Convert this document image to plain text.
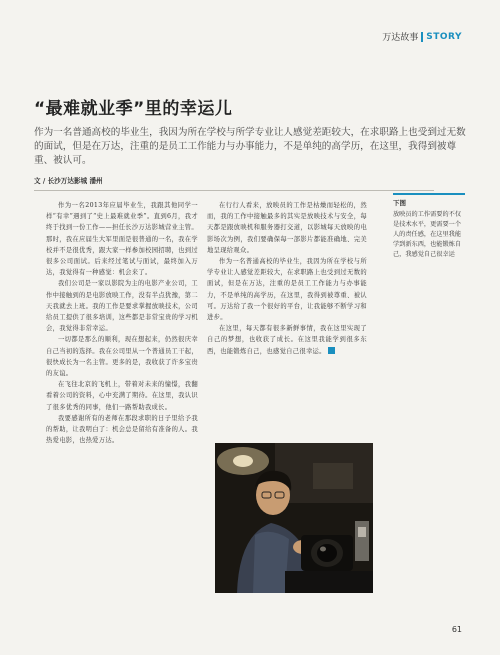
万达故事 STORY
“最难就业季”里的幸运儿
作为一名普通高校的毕业生，我因为所在学校与所学专业让人感觉差距较大，在求职路上也受到过无数的面试，但是在万达，注重的是员工工作能力与办事能力，不是单纯的高学历，在这里，我得到被尊重、被认可。
文 / 长沙万达影城 潘州

作为一名2013年应届毕业生，我跟其他同学一样“有幸”遇到了“史上最难就业季”。直到6月，我才终于找到一份工作——担任长沙万达影城营业主管。那时，我在应届生大军里面是很普通的一名，我在学校并不是很优秀，跟大家一样参加校园招聘，也到过很多公司面试。后来经过笔试与面试，最终加入万达，我觉得有一种感觉：机会来了。

我们公司是一家以影院为主的电影产业公司，工作中接触到的是电影放映工作，没有半点犹豫，第二天我就去上班。我的工作是要求掌握放映技术，公司给员工提供了很多培训，这些都是非常宝贵的学习机会，我觉得非常幸运。

一切都是那么的顺利，现在想起来，仍然很庆幸自己当初的选择。我在公司里从一个普通员工干起，很快成长为一名主管。更多的是，我收获了许多宝贵的友谊。

在飞往北京的飞机上，带着对未来的憧憬，我翻看着公司的资料，心中充满了期待。在这里，我认识了很多优秀的同事，他们一路帮助我成长。

我要感谢所有的老师在那段求职的日子里给予我的帮助，让我明白了：机会总是留给有准备的人。我热爱电影，也热爱万达。

在行行人看来，放映员的工作是枯燥而轻松的，然而，我的工作中接触最多的其实是放映技术与安全，每天都是跟放映机和服务器打交道，以影城每天放映的电影场次为例，我们要确保每一部影片都能准确地、完美地呈现给观众。

作为一名普通高校的毕业生，我因为所在学校与所学专业让人感觉差距较大，在求职路上也受到过无数的面试，但是在万达，注重的是员工工作能力与办事能力，不是单纯的高学历，在这里，我得到被尊重、被认可。万达给了我一个很好的平台，让我能够不断学习和进步。

在这里，每天都有很多新鲜事情，我在这里实现了自己的梦想，也收获了成长。在这里我能学到很多东西，也能锻炼自己，也感觉自己很幸运。

下图
放映员的工作需要的不仅是技术水平，更需要一个人的责任感，在这里我能学到新东西，也能锻炼自己，我感觉自己很幸运
61
